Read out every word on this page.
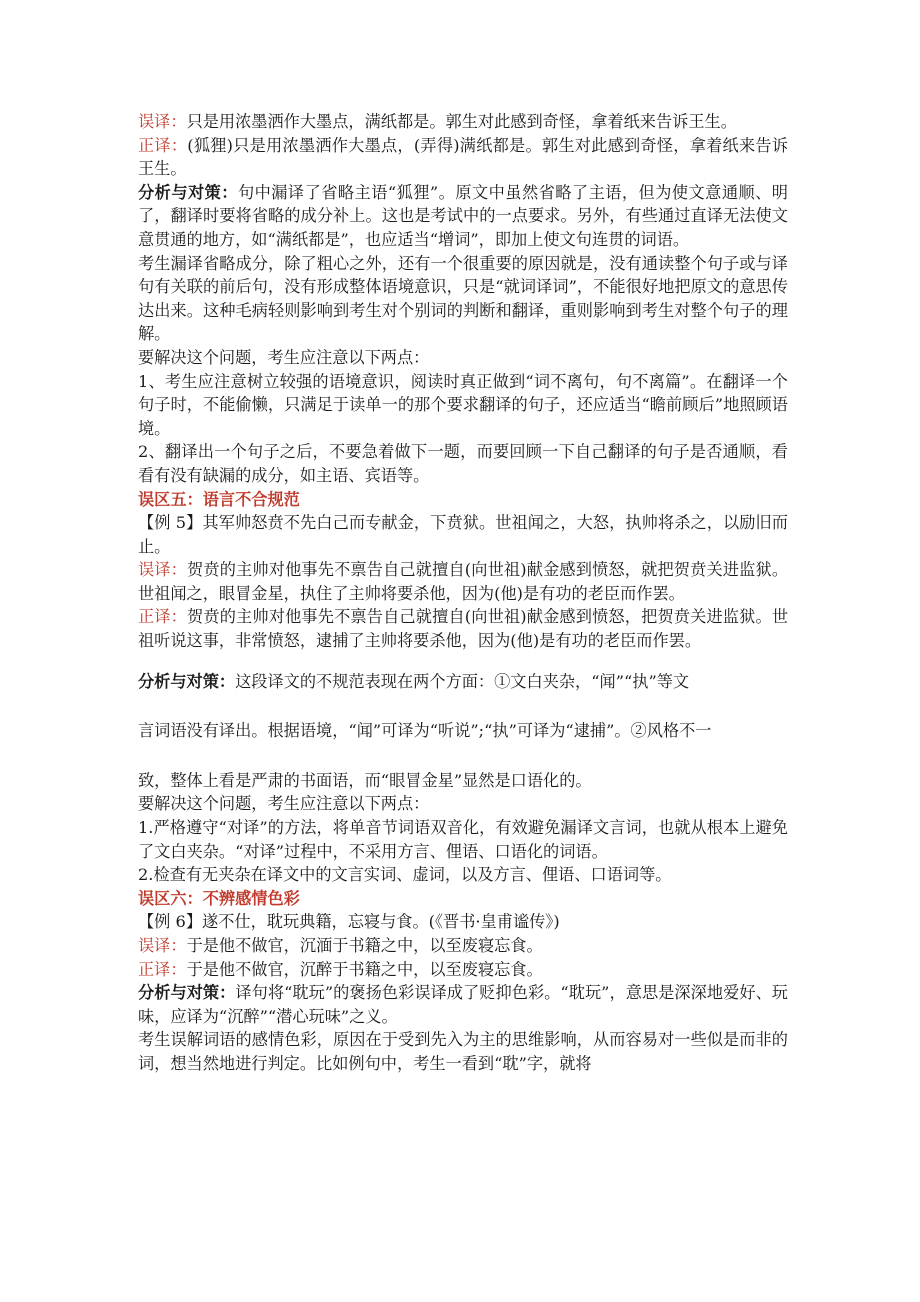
误译：只是用浓墨洒作大墨点，满纸都是。郭生对此感到奇怪，拿着纸来告诉王生。

正译：(狐狸)只是用浓墨洒作大墨点，(弄得)满纸都是。郭生对此感到奇怪，拿着纸来告诉王生。

分析与对策：句中漏译了省略主语“狐狸”。原文中虽然省略了主语，但为使文意通顺、明了，翻译时要将省略的成分补上。这也是考试中的一点要求。另外，有些通过直译无法使文意贯通的地方，如“满纸都是”，也应适当“增词”，即加上使文句连贯的词语。

考生漏译省略成分，除了粗心之外，还有一个很重要的原因就是，没有通读整个句子或与译句有关联的前后句，没有形成整体语境意识，只是“就词译词”，不能很好地把原文的意思传达出来。这种毛病轻则影响到考生对个别词的判断和翻译，重则影响到考生对整个句子的理解。

要解决这个问题，考生应注意以下两点：

1、考生应注意树立较强的语境意识，阅读时真正做到“词不离句，句不离篇”。在翻译一个句子时，不能偷懒，只满足于读单一的那个要求翻译的句子，还应适当“瞻前顾后”地照顾语境。

2、翻译出一个句子之后，不要急着做下一题，而要回顾一下自己翻译的句子是否通顺，看看有没有缺漏的成分，如主语、宾语等。

误区五：语言不合规范

【例 5】其军帅怒贲不先白己而专献金，下贲狱。世祖闻之，大怒，执帅将杀之，以励旧而止。

误译：贺贲的主帅对他事先不禀告自己就擅自(向世祖)献金感到愤怒，就把贺贲关进监狱。世祖闻之，眼冒金星，执住了主帅将要杀他，因为(他)是有功的老臣而作罢。

正译：贺贲的主帅对他事先不禀告自己就擅自(向世祖)献金感到愤怒，把贺贲关进监狱。世祖听说这事，非常愤怒，逮捕了主帅将要杀他，因为(他)是有功的老臣而作罢。

分析与对策：这段译文的不规范表现在两个方面：①文白夹杂，“闻”“执”等文

言词语没有译出。根据语境，“闻”可译为“听说”;“执”可译为“逮捕”。②风格不一

致，整体上看是严肃的书面语，而“眼冒金星”显然是口语化的。

要解决这个问题，考生应注意以下两点：

1.严格遵守“对译”的方法，将单音节词语双音化，有效避免漏译文言词，也就从根本上避免了文白夹杂。“对译”过程中，不采用方言、俚语、口语化的词语。

2.检查有无夹杂在译文中的文言实词、虚词，以及方言、俚语、口语词等。

误区六：不辨感情色彩

【例 6】遂不仕，耽玩典籍，忘寝与食。(《晋书·皇甫谧传》)

误译：于是他不做官，沉湎于书籍之中，以至废寝忘食。

正译：于是他不做官，沉醉于书籍之中，以至废寝忘食。

分析与对策：译句将“耽玩”的褒扬色彩误译成了贬抑色彩。“耽玩”，意思是深深地爱好、玩味，应译为“沉醉”“潜心玩味”之义。

考生误解词语的感情色彩，原因在于受到先入为主的思维影响，从而容易对一些似是而非的词，想当然地进行判定。比如例句中，考生一看到“耽”字，就将
